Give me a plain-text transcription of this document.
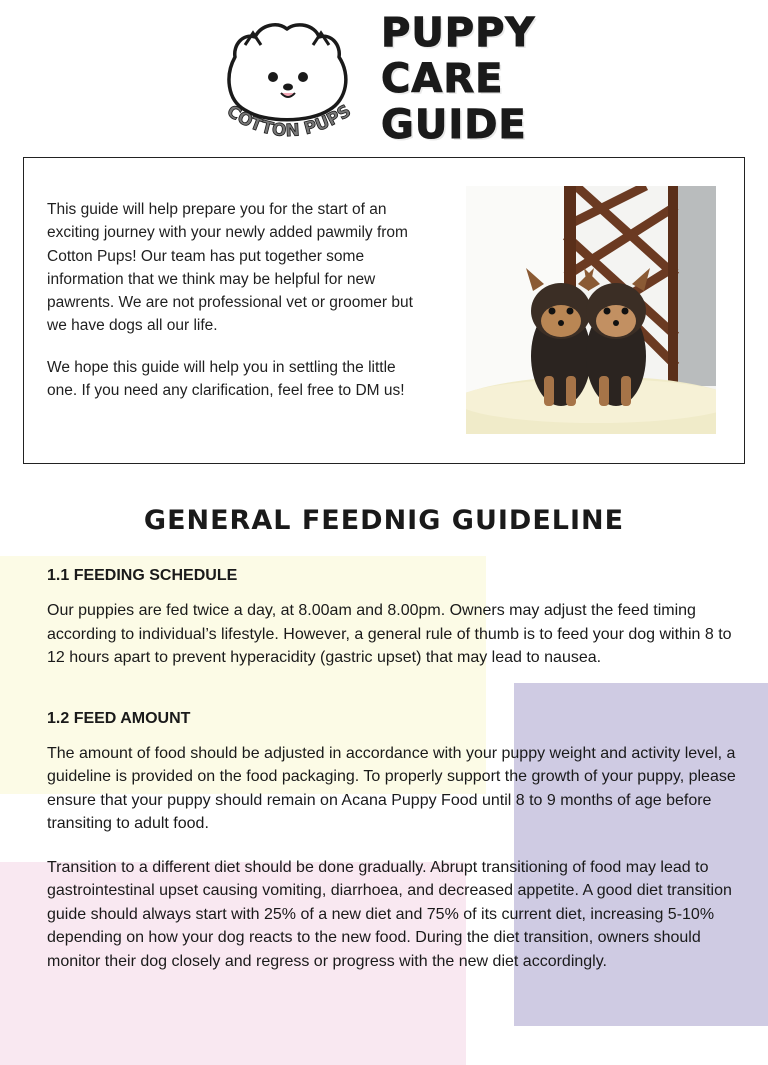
COTTON PUPS
PUPPY
CARE
GUIDE

This guide will help prepare you for the start of an exciting journey with your newly added pawmily from Cotton Pups! Our team has put together some information that we think may be helpful for new pawrents. We are not professional vet or groomer but we have dogs all our life.

We hope this guide will help you in settling the little one. If you need any clarification, feel free to DM us!

GENERAL FEEDNIG GUIDELINE
1.1 FEEDING SCHEDULE

Our puppies are fed twice a day, at 8.00am and 8.00pm. Owners may adjust the feed timing according to individual’s lifestyle. However, a general rule of thumb is to feed your dog within 8 to 12 hours apart to prevent hyperacidity (gastric upset) that may lead to nausea.

1.2 FEED AMOUNT

The amount of food should be adjusted in accordance with your puppy weight and activity level, a guideline is provided on the food packaging. To properly support the growth of your puppy, please ensure that your puppy should remain on Acana Puppy Food until 8 to 9 months of age before transiting to adult food.

Transition to a different diet should be done gradually. Abrupt transitioning of food may lead to gastrointestinal upset causing vomiting, diarrhoea, and decreased appetite. A good diet transition guide should always start with 25% of a new diet and 75% of its current diet, increasing 5-10% depending on how your dog reacts to the new food. During the diet transition, owners should monitor their dog closely and regress or progress with the new diet accordingly.
